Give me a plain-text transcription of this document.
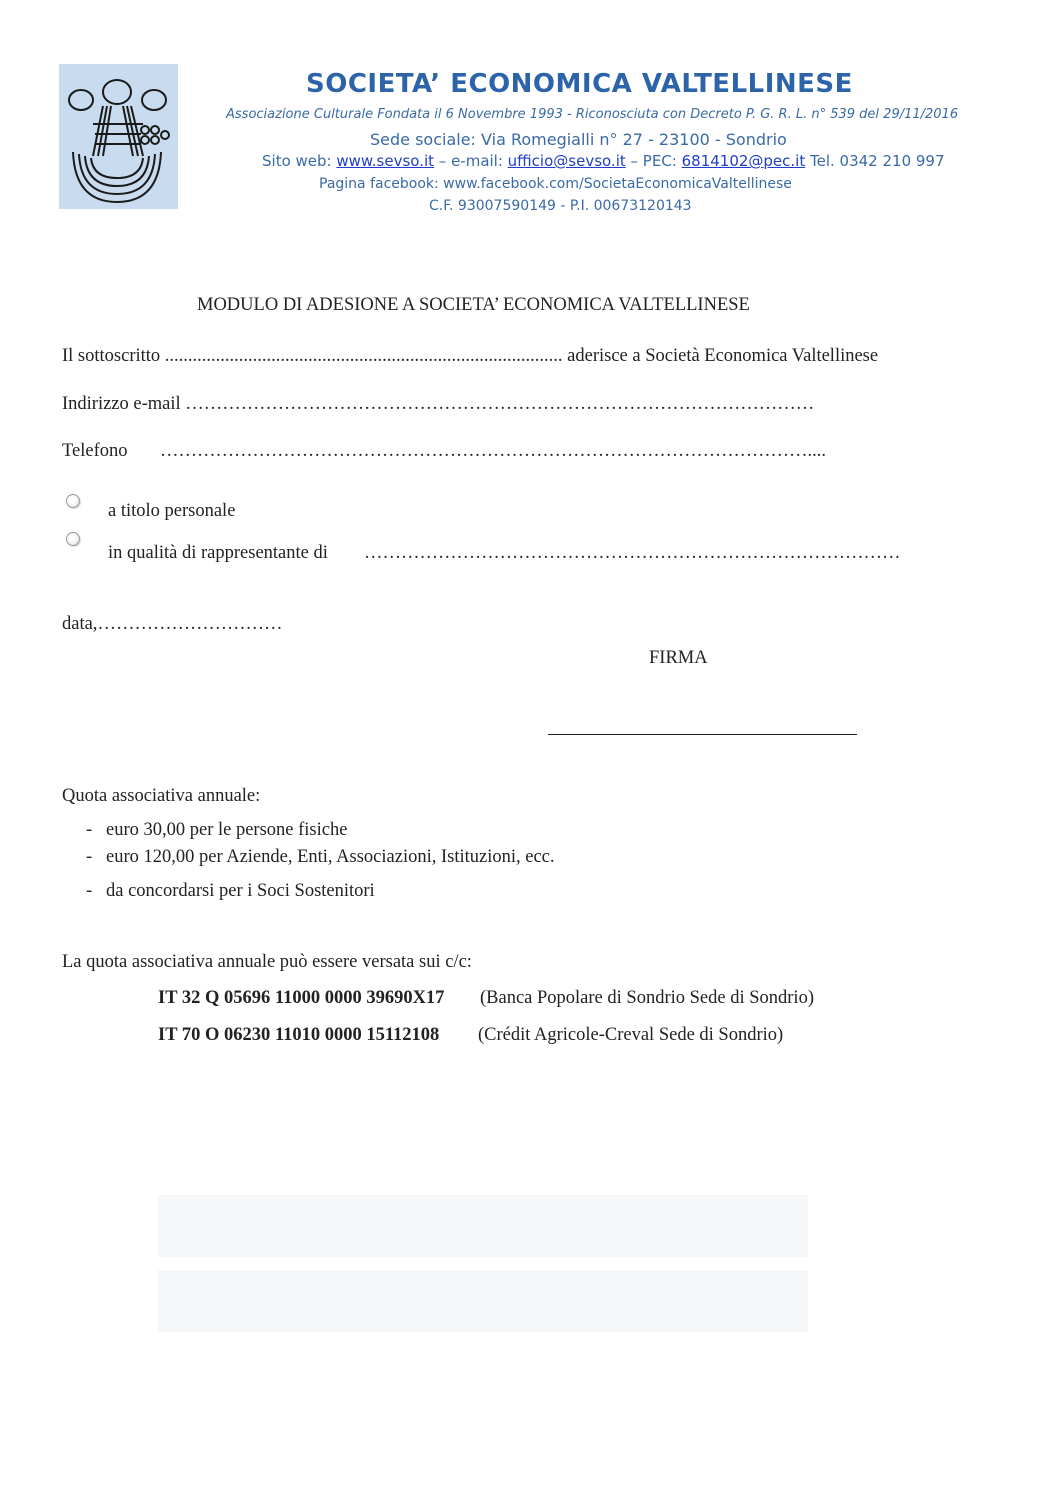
SOCIETA’ ECONOMICA VALTELLINESE
Associazione Culturale Fondata il 6 Novembre 1993 - Riconosciuta con Decreto P. G. R. L. n° 539 del 29/11/2016
Sede sociale: Via Romegialli n° 27 - 23100 - Sondrio
Sito web: www.sevso.it – e-mail: ufficio@sevso.it – PEC: 6814102@pec.it Tel. 0342 210 997
Pagina facebook: www.facebook.com/SocietaEconomicaValtellinese
C.F. 93007590149 - P.I. 00673120143
MODULO DI ADESIONE A SOCIETA’ ECONOMICA VALTELLINESE
Il sottoscritto ...................................................................................... aderisce a Società Economica Valtellinese
Indirizzo e-mail …………………………………………………………………………………………
Telefono ……………………………………………………………………………………………....
a titolo personale
in qualità di rappresentante di ……………………………………………………………………………
data,…………………………
FIRMA
Quota associativa annuale:
- euro 30,00 per le persone fisiche
- euro 120,00 per Aziende, Enti, Associazioni, Istituzioni, ecc.
- da concordarsi per i Soci Sostenitori
La quota associativa annuale può essere versata sui c/c:
IT 32 Q 05696 11000 0000 39690X17 (Banca Popolare di Sondrio Sede di Sondrio)
IT 70 O 06230 11010 0000 15112108 (Crédit Agricole-Creval Sede di Sondrio)
